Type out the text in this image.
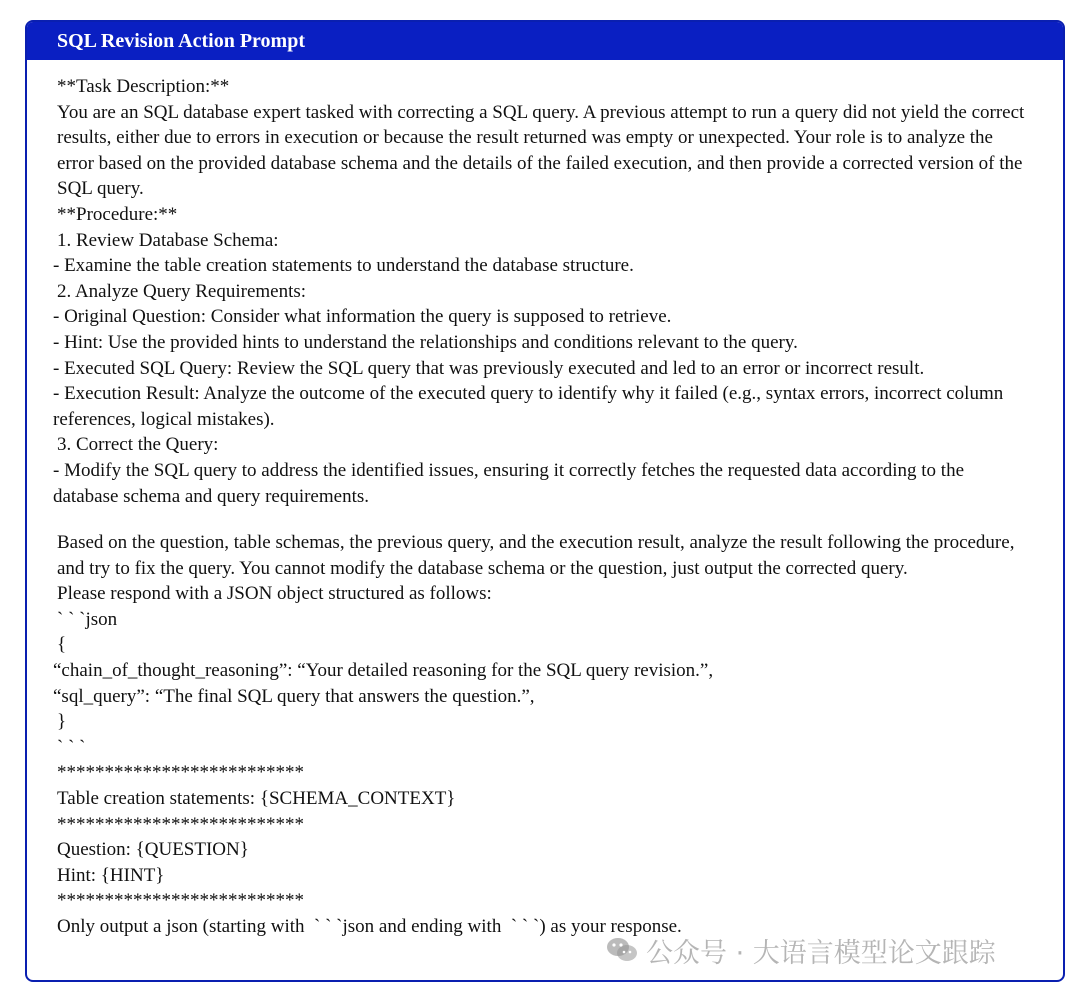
SQL Revision Action Prompt
**Task Description:**
You are an SQL database expert tasked with correcting a SQL query. A previous attempt to run a query did not yield the correct results, either due to errors in execution or because the result returned was empty or unexpected. Your role is to analyze the error based on the provided database schema and the details of the failed execution, and then provide a corrected version of the SQL query.
**Procedure:**
1. Review Database Schema:
- Examine the table creation statements to understand the database structure.
2. Analyze Query Requirements:
- Original Question: Consider what information the query is supposed to retrieve.
- Hint: Use the provided hints to understand the relationships and conditions relevant to the query.
- Executed SQL Query: Review the SQL query that was previously executed and led to an error or incorrect result.
- Execution Result: Analyze the outcome of the executed query to identify why it failed (e.g., syntax errors, incorrect column references, logical mistakes).
3. Correct the Query:
- Modify the SQL query to address the identified issues, ensuring it correctly fetches the requested data according to the database schema and query requirements.
Based on the question, table schemas, the previous query, and the execution result, analyze the result following the procedure, and try to fix the query. You cannot modify the database schema or the question, just output the corrected query.
Please respond with a JSON object structured as follows:
` ` `json
{
“chain_of_thought_reasoning”: “Your detailed reasoning for the SQL query revision.”,
“sql_query”: “The final SQL query that answers the question.”,
}
` ` `
**************************
Table creation statements: {SCHEMA_CONTEXT}
**************************
Question: {QUESTION}
Hint: {HINT}
**************************
Only output a json (starting with  ` ` `json and ending with  ` ` `) as your response.
公众号 · 大语言模型论文跟踪
